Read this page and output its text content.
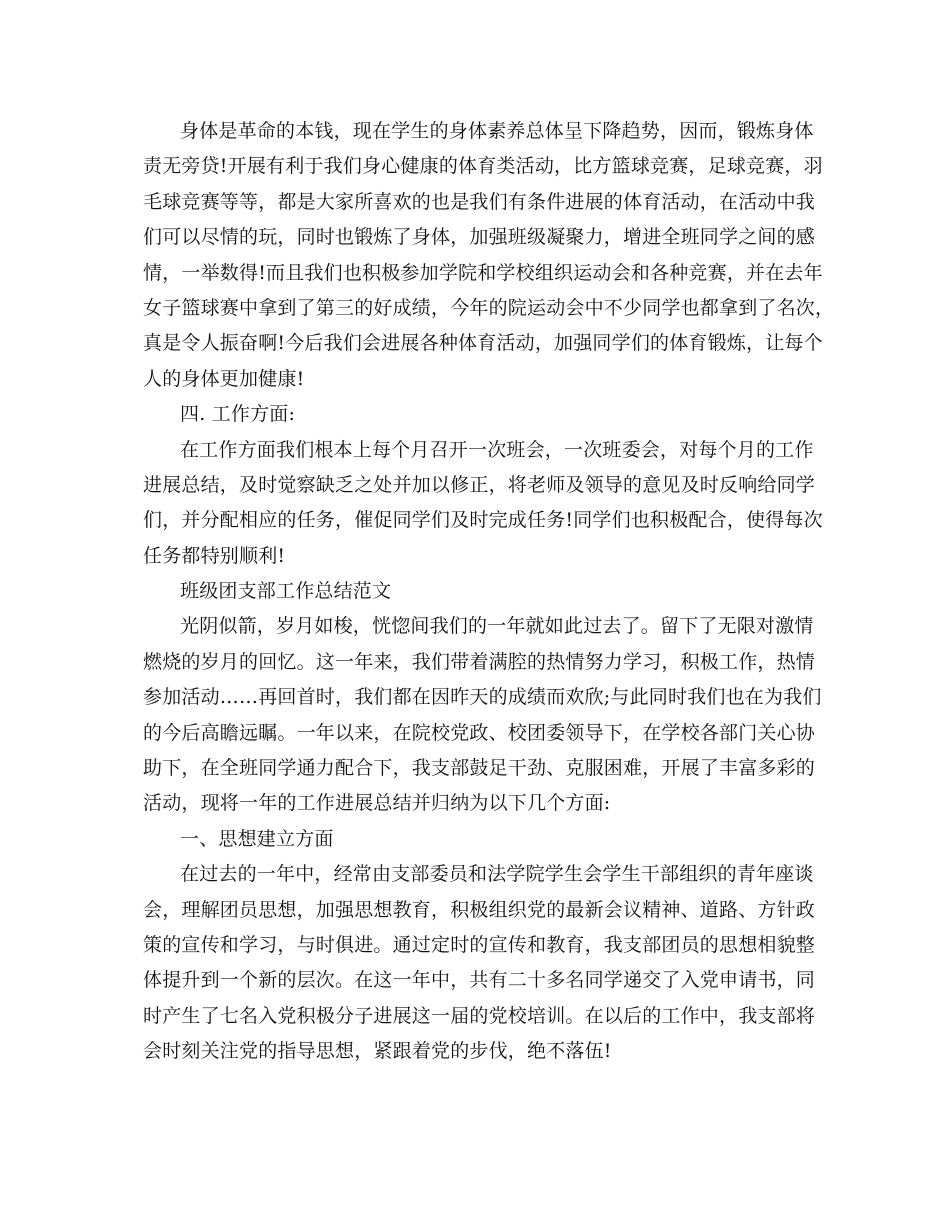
身体是革命的本钱，现在学生的身体素养总体呈下降趋势，因而，锻炼身体
责无旁贷!开展有利于我们身心健康的体育类活动，比方篮球竞赛，足球竞赛，羽
毛球竞赛等等，都是大家所喜欢的也是我们有条件进展的体育活动，在活动中我
们可以尽情的玩，同时也锻炼了身体，加强班级凝聚力，增进全班同学之间的感
情，一举数得!而且我们也积极参加学院和学校组织运动会和各种竞赛，并在去年
女子篮球赛中拿到了第三的好成绩，今年的院运动会中不少同学也都拿到了名次，
真是令人振奋啊!今后我们会进展各种体育活动，加强同学们的体育锻炼，让每个
人的身体更加健康!
四. 工作方面:
在工作方面我们根本上每个月召开一次班会，一次班委会，对每个月的工作
进展总结，及时觉察缺乏之处并加以修正，将老师及领导的意见及时反响给同学
们，并分配相应的任务，催促同学们及时完成任务!同学们也积极配合，使得每次
任务都特别顺利!
班级团支部工作总结范文
光阴似箭，岁月如梭，恍惚间我们的一年就如此过去了。留下了无限对激情
燃烧的岁月的回忆。这一年来，我们带着满腔的热情努力学习，积极工作，热情
参加活动……再回首时，我们都在因昨天的成绩而欢欣;与此同时我们也在为我们
的今后高瞻远瞩。一年以来，在院校党政、校团委领导下，在学校各部门关心协
助下，在全班同学通力配合下，我支部鼓足干劲、克服困难，开展了丰富多彩的
活动，现将一年的工作进展总结并归纳为以下几个方面:
一、思想建立方面
在过去的一年中，经常由支部委员和法学院学生会学生干部组织的青年座谈
会，理解团员思想，加强思想教育，积极组织党的最新会议精神、道路、方针政
策的宣传和学习，与时俱进。通过定时的宣传和教育，我支部团员的思想相貌整
体提升到一个新的层次。在这一年中，共有二十多名同学递交了入党申请书，同
时产生了七名入党积极分子进展这一届的党校培训。在以后的工作中，我支部将
会时刻关注党的指导思想，紧跟着党的步伐，绝不落伍!
